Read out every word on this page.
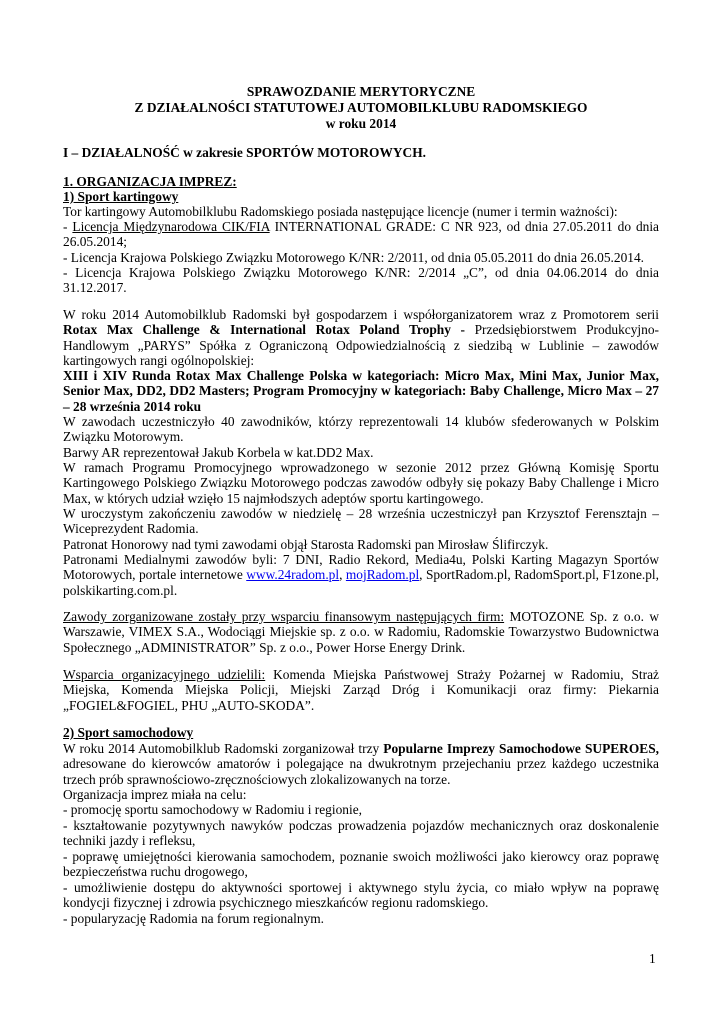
SPRAWOZDANIE MERYTORYCZNE
Z DZIAŁALNOŚCI STATUTOWEJ AUTOMOBILKLUBU RADOMSKIEGO
w roku 2014
I – DZIAŁALNOŚĆ w zakresie SPORTÓW MOTOROWYCH.
1. ORGANIZACJA IMPREZ:
1) Sport kartingowy

Tor kartingowy Automobilklubu Radomskiego posiada następujące licencje (numer i termin ważności):

- Licencja Międzynarodowa CIK/FIA INTERNATIONAL GRADE: C NR 923, od dnia 27.05.2011 do dnia 26.05.2014;

- Licencja Krajowa Polskiego Związku Motorowego K/NR: 2/2011, od dnia 05.05.2011 do dnia 26.05.2014.

- Licencja Krajowa Polskiego Związku Motorowego K/NR: 2/2014 „C”, od dnia 04.06.2014 do dnia 31.12.2017.

W roku 2014 Automobilklub Radomski był gospodarzem i współorganizatorem wraz z Promotorem serii Rotax Max Challenge & International Rotax Poland Trophy - Przedsiębiorstwem Produkcyjno-Handlowym „PARYS” Spółka z Ograniczoną Odpowiedzialnością z siedzibą w Lublinie – zawodów kartingowych rangi ogólnopolskiej:

XIII i XIV Runda Rotax Max Challenge Polska w kategoriach: Micro Max, Mini Max, Junior Max, Senior Max, DD2, DD2 Masters; Program Promocyjny w kategoriach: Baby Challenge, Micro Max – 27 – 28 września 2014 roku

W zawodach uczestniczyło 40 zawodników, którzy reprezentowali 14 klubów sfederowanych w Polskim Związku Motorowym.

Barwy AR reprezentował Jakub Korbela w kat.DD2 Max.

W ramach Programu Promocyjnego wprowadzonego w sezonie 2012 przez Główną Komisję Sportu Kartingowego Polskiego Związku Motorowego podczas zawodów odbyły się pokazy Baby Challenge i Micro Max, w których udział wzięło 15 najmłodszych adeptów sportu kartingowego.

W uroczystym zakończeniu zawodów w niedzielę – 28 września uczestniczył pan Krzysztof Ferensztajn – Wiceprezydent Radomia.

Patronat Honorowy nad tymi zawodami objął Starosta Radomski pan Mirosław Ślifirczyk.

Patronami Medialnymi zawodów byli: 7 DNI, Radio Rekord, Media4u, Polski Karting Magazyn Sportów Motorowych, portale internetowe www.24radom.pl, mojRadom.pl, SportRadom.pl, RadomSport.pl, F1zone.pl, polskikarting.com.pl.

Zawody zorganizowane zostały przy wsparciu finansowym następujących firm: MOTOZONE Sp. z o.o. w Warszawie, VIMEX S.A., Wodociągi Miejskie sp. z o.o. w Radomiu, Radomskie Towarzystwo Budownictwa Społecznego „ADMINISTRATOR” Sp. z o.o., Power Horse Energy Drink.

Wsparcia organizacyjnego udzielili: Komenda Miejska Państwowej Straży Pożarnej w Radomiu, Straż Miejska, Komenda Miejska Policji, Miejski Zarząd Dróg i Komunikacji oraz firmy: Piekarnia „FOGIEL&FOGIEL, PHU „AUTO-SKODA”.

2) Sport samochodowy

W roku 2014 Automobilklub Radomski zorganizował trzy Popularne Imprezy Samochodowe SUPEROES, adresowane do kierowców amatorów i polegające na dwukrotnym przejechaniu przez każdego uczestnika trzech prób sprawnościowo-zręcznościowych zlokalizowanych na torze.

Organizacja imprez miała na celu:

- promocję sportu samochodowy w Radomiu i regionie,

- kształtowanie pozytywnych nawyków podczas prowadzenia pojazdów mechanicznych oraz doskonalenie techniki jazdy i refleksu,

- poprawę umiejętności kierowania samochodem, poznanie swoich możliwości jako kierowcy oraz poprawę bezpieczeństwa ruchu drogowego,

- umożliwienie dostępu do aktywności sportowej i aktywnego stylu życia, co miało wpływ na poprawę kondycji fizycznej i zdrowia psychicznego mieszkańców regionu radomskiego.

- popularyzację Radomia na forum regionalnym.

1
